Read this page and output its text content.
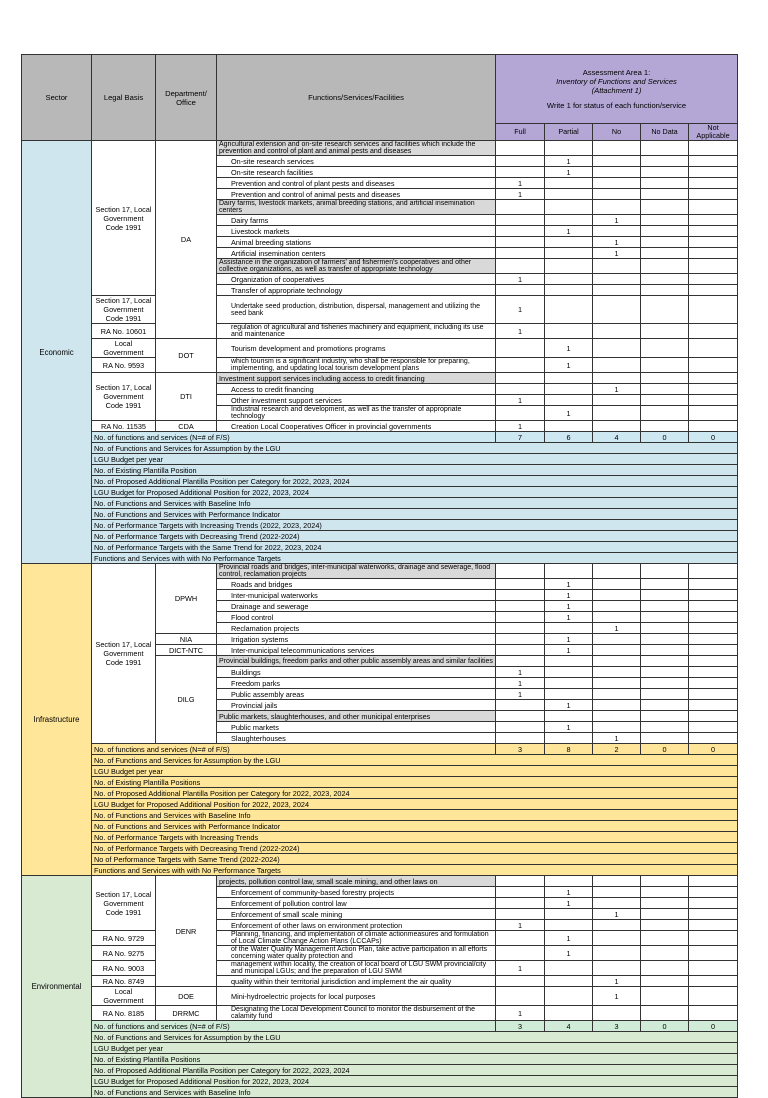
Sector	Legal Basis	Department/ Office	Functions/Services/Facilities	Assessment Area 1:
Inventory of Functions and Services
(Attachment 1)
Write 1 for status of each function/service				

				Full	Partial	No	No Data	Not Applicable
Economic	Section 17, Local Government Code 1991	DA	Agricultural extension and on-site research services and facilities which include the prevention and control of plant and animal pests and diseases					
			On-site research services		1			
			On-site research facilities		1			
			Prevention and control of plant pests and diseases	1				
			Prevention and control of animal pests and diseases	1				
			Dairy farms, livestock markets, animal breeding stations, and artificial insemination centers					
			Dairy farms			1		
			Livestock markets		1			
			Animal breeding stations			1		
			Artificial insemination centers			1		
			Assistance in the organization of farmers' and fishermen's cooperatives and other collective organizations, as well as transfer of appropriate technology					
			Organization of cooperatives	1				
			Transfer of appropriate technology					
	Section 17, Local Government Code 1991		Undertake seed production, distribution, dispersal, management and utilizing the seed bank	1				
	RA No. 10601		regulation of agricultural and fisheries machinery and equipment, including its use and maintenance	1				
	Local Government	DOT	Tourism development and promotions programs		1			
	RA No. 9593		which tourism is a significant industry, who shall be responsible for preparing, implementing, and updating local tourism development plans		1			
	Section 17, Local Government Code 1991	DTI	Investment support services including access to credit financing					
			Access to credit financing			1		
			Other investment support services	1				
			Industrial research and development, as well as the transfer of appropriate technology		1			
	RA No. 11535	CDA	Creation Local Cooperatives Officer in provincial governments	1				
	No. of functions and services (N=# of F/S)			7	6	4	0	0
	No. of Functions and Services for Assumption by the LGU							
	LGU Budget per year							
	No. of Existing Plantilla Position							
	No. of Proposed Additional Plantilla Position per Category for 2022, 2023, 2024							
	LGU Budget for Proposed Additional Position for 2022, 2023, 2024							
	No. of Functions and Services with Baseline Info							
	No. of Functions and Services with Performance Indicator							
	No. of Performance Targets with Increasing Trends (2022, 2023, 2024)							
	No. of Performance Targets with Decreasing Trend (2022-2024)							
	No. of Performance Targets with the Same Trend for 2022, 2023, 2024							
	Functions and Services with with No Performance Targets							
Infrastructure	Section 17, Local Government Code 1991	DPWH	Provincial roads and bridges, inter-municipal waterworks, drainage and sewerage, flood control, reclamation projects					
			Roads and bridges		1			
			Inter-municipal waterworks		1			
			Drainage and sewerage		1			
			Flood control		1			
			Reclamation projects			1		
		NIA	Irrigation systems		1			
		DICT-NTC	Inter-municipal telecommunications services		1			
		DILG	Provincial buildings, freedom parks and other public assembly areas and similar facilities					
			Buildings	1				
			Freedom parks	1				
			Public assembly areas	1				
			Provincial jails		1			
			Public markets, slaughterhouses, and other municipal enterprises					
			Public markets		1			
			Slaughterhouses			1		
	No. of functions and services (N=# of F/S)			3	8	2	0	0
	No. of Functions and Services for Assumption by the LGU							
	LGU Budget per year							
	No. of Existing Plantilla Positions							
	No. of Proposed Additional Plantilla Position per Category for 2022, 2023, 2024							
	LGU Budget for Proposed Additional Position for 2022, 2023, 2024							
	No. of Functions and Services with Baseline Info							
	No. of Functions and Services with Performance Indicator							
	No. of Performance Targets with Increasing Trends							
	No. of Performance Targets with Decreasing Trend (2022-2024)							
	No of Performance Targets with Same Trend (2022-2024)							
	Functions and Services with with No Performance Targets							
Environmental	Section 17, Local Government Code 1991	DENR	projects, pollution control law, small scale mining, and other laws on					
			Enforcement of community-based forestry projects		1			
			Enforcement of pollution control law		1			
			Enforcement of small scale mining			1		
			Enforcement of other laws on environment protection	1				
	RA No. 9729		Planning, financing, and implementation of climate actionmeasures and formulation of Local Climate Change Action Plans (LCCAPs)		1			
	RA No. 9275		of the Water Quality Management Action Plan, take active participation in all efforts concerning water quality protection and		1			
	RA No. 9003		management within locality, the creation of local board of LGU SWM provincial/city and municipal LGUs; and the preparation of LGU SWM	1				
	RA No. 8749		quality within their territorial jurisdiction and implement the air quality			1		
	Local Government	DOE	Mini-hydroelectric projects for local purposes			1		
	RA No. 8185	DRRMC	Designating the Local Development Council to monitor the disbursement of the calamity fund	1				
	No. of functions and services (N=# of F/S)			3	4	3	0	0
	No. of Functions and Services for Assumption by the LGU							
	LGU Budget per year							
	No. of Existing Plantilla Positions							
	No. of Proposed Additional Plantilla Position per Category for 2022, 2023, 2024							
	LGU Budget for Proposed Additional Position for 2022, 2023, 2024							
	No. of Functions and Services with Baseline Info							
